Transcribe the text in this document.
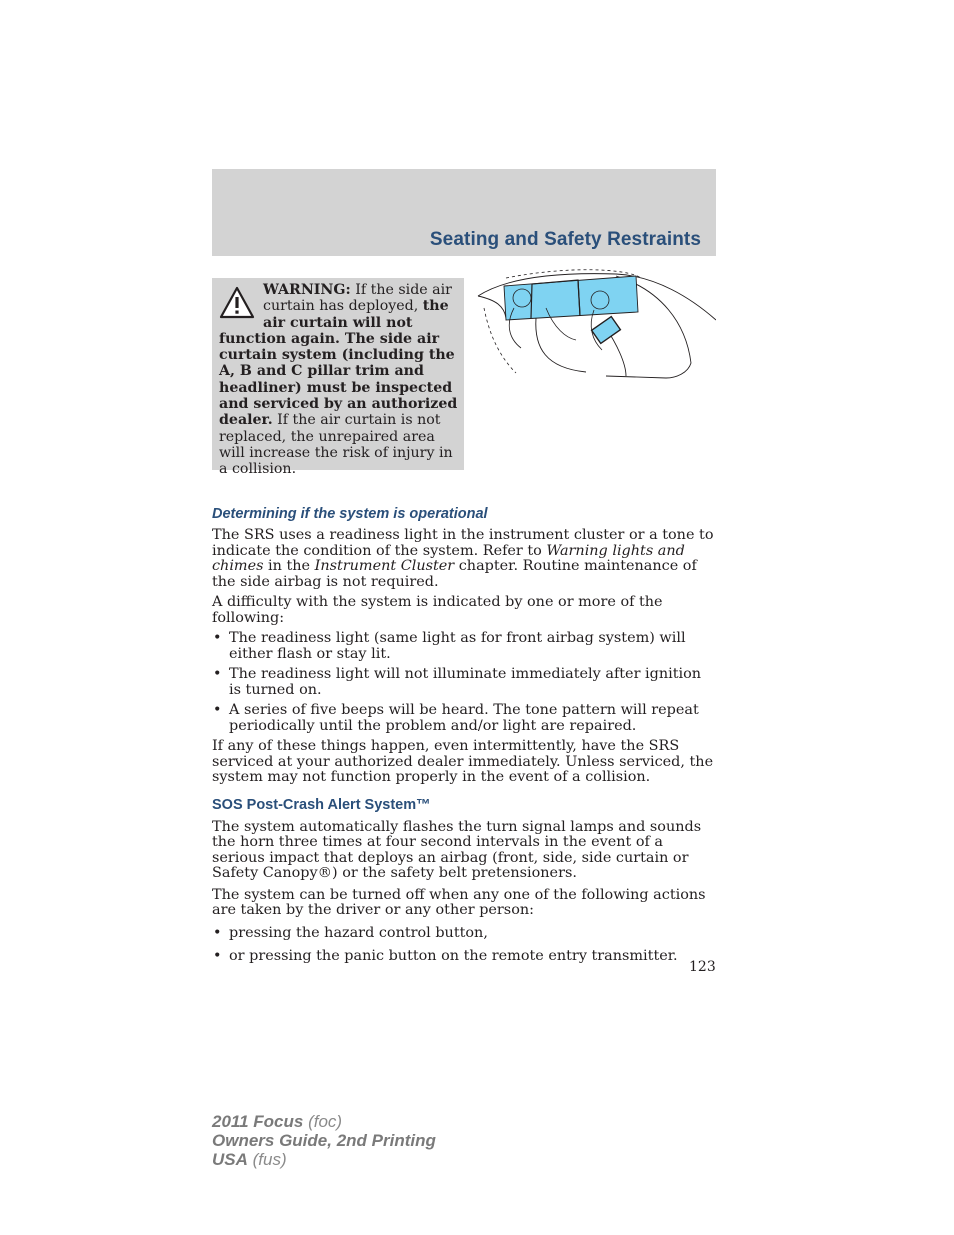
Seating and Safety Restraints
WARNING: If the side air curtain has deployed, the air curtain will not function again. The side air curtain system (including the A, B and C pillar trim and headliner) must be inspected and serviced by an authorized dealer. If the air curtain is not replaced, the unrepaired area will increase the risk of injury in a collision.
Determining if the system is operational

The SRS uses a readiness light in the instrument cluster or a tone to indicate the condition of the system. Refer to Warning lights and chimes in the Instrument Cluster chapter. Routine maintenance of the side airbag is not required.

A difficulty with the system is indicated by one or more of the following:

• The readiness light (same light as for front airbag system) will either flash or stay lit.
• The readiness light will not illuminate immediately after ignition is turned on.
• A series of five beeps will be heard. The tone pattern will repeat periodically until the problem and/or light are repaired.

If any of these things happen, even intermittently, have the SRS serviced at your authorized dealer immediately. Unless serviced, the system may not function properly in the event of a collision.

SOS Post-Crash Alert System™

The system automatically flashes the turn signal lamps and sounds the horn three times at four second intervals in the event of a serious impact that deploys an airbag (front, side, side curtain or Safety Canopy®) or the safety belt pretensioners.

The system can be turned off when any one of the following actions are taken by the driver or any other person:

• pressing the hazard control button,
• or pressing the panic button on the remote entry transmitter.
123
2011 Focus (foc)
Owners Guide, 2nd Printing
USA (fus)
